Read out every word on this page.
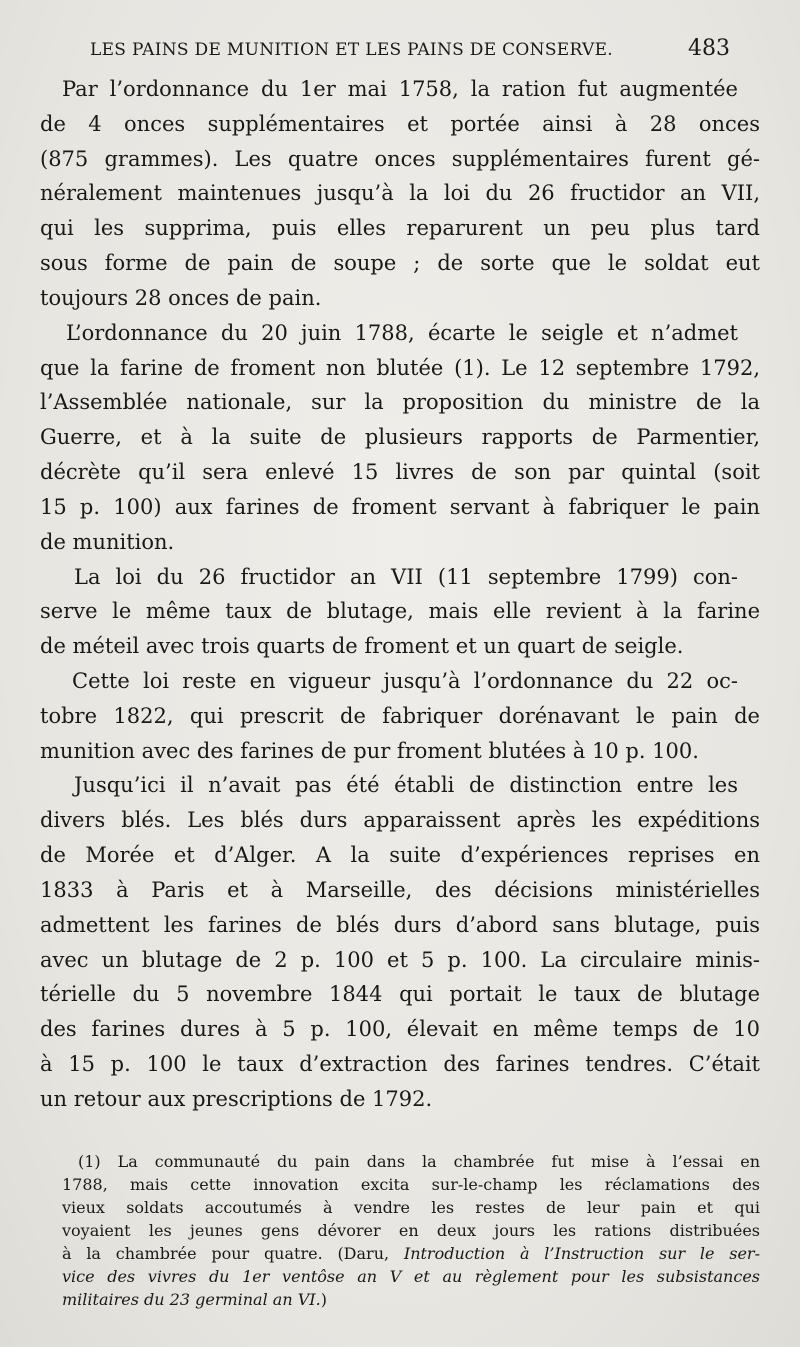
LES PAINS DE MUNITION ET LES PAINS DE CONSERVE.	483
Par l’ordonnance du 1er mai 1758, la ration fut augmentée
de 4 onces supplémentaires et portée ainsi à 28 onces
(875 grammes). Les quatre onces supplémentaires furent gé-
néralement maintenues jusqu’à la loi du 26 fructidor an VII,
qui les supprima, puis elles reparurent un peu plus tard
sous forme de pain de soupe ; de sorte que le soldat eut
toujours 28 onces de pain.
L’ordonnance du 20 juin 1788, écarte le seigle et n’admet
que la farine de froment non blutée (1). Le 12 septembre 1792,
l’Assemblée nationale, sur la proposition du ministre de la
Guerre, et à la suite de plusieurs rapports de Parmentier,
décrète qu’il sera enlevé 15 livres de son par quintal (soit
15 p. 100) aux farines de froment servant à fabriquer le pain
de munition.
La loi du 26 fructidor an VII (11 septembre 1799) con-
serve le même taux de blutage, mais elle revient à la farine
de méteil avec trois quarts de froment et un quart de seigle.
Cette loi reste en vigueur jusqu’à l’ordonnance du 22 oc-
tobre 1822, qui prescrit de fabriquer dorénavant le pain de
munition avec des farines de pur froment blutées à 10 p. 100.
Jusqu’ici il n’avait pas été établi de distinction entre les
divers blés. Les blés durs apparaissent après les expéditions
de Morée et d’Alger. A la suite d’expériences reprises en
1833 à Paris et à Marseille, des décisions ministérielles
admettent les farines de blés durs d’abord sans blutage, puis
avec un blutage de 2 p. 100 et 5 p. 100. La circulaire minis-
térielle du 5 novembre 1844 qui portait le taux de blutage
des farines dures à 5 p. 100, élevait en même temps de 10
à 15 p. 100 le taux d’extraction des farines tendres. C’était
un retour aux prescriptions de 1792.
(1) La communauté du pain dans la chambrée fut mise à l’essai en
1788, mais cette innovation excita sur-le-champ les réclamations des
vieux soldats accoutumés à vendre les restes de leur pain et qui
voyaient les jeunes gens dévorer en deux jours les rations distribuées
à la chambrée pour quatre. (Daru, Introduction à l’Instruction sur le ser-
vice des vivres du 1er ventôse an V et au règlement pour les subsistances
militaires du 23 germinal an VI.)
